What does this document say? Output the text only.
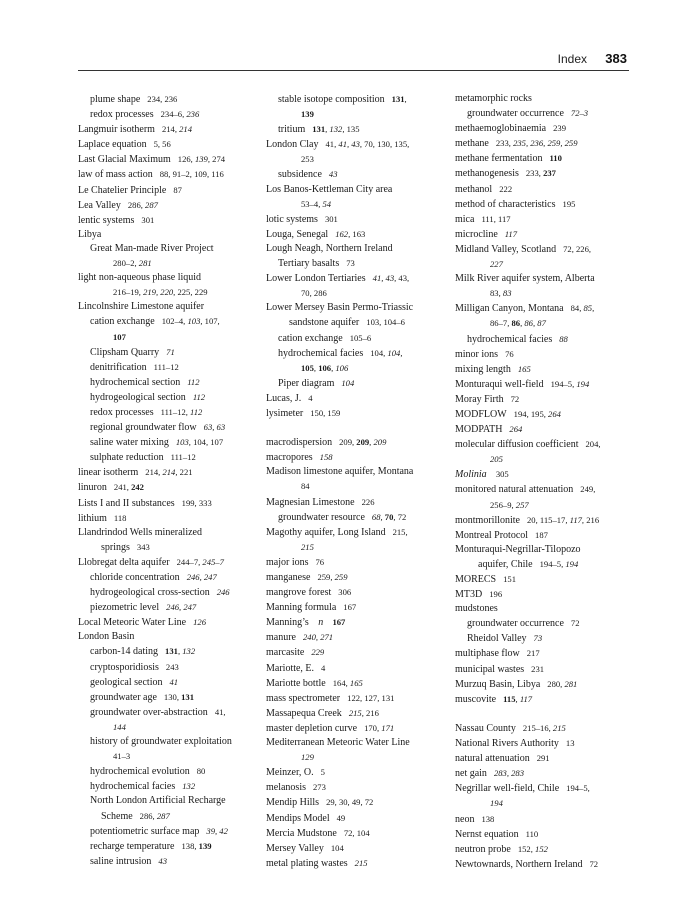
Index 383
plume shape 234, 236
redox processes 234–6, 236
Langmuir isotherm 214, 214
Laplace equation 5, 56
Last Glacial Maximum 126, 139, 274
law of mass action 88, 91–2, 109, 116
Le Chatelier Principle 87
Lea Valley 286, 287
lentic systems 301
Libya
Great Man-made River Project
280–2, 281
light non-aqueous phase liquid
216–19, 219, 220, 225, 229
Lincolnshire Limestone aquifer
cation exchange 102–4, 103, 107,
107
Clipsham Quarry 71
denitrification 111–12
hydrochemical section 112
hydrogeological section 112
redox processes 111–12, 112
regional groundwater flow 63, 63
saline water mixing 103, 104, 107
sulphate reduction 111–12
linear isotherm 214, 214, 221
linuron 241, 242
Lists I and II substances 199, 333
lithium 118
Llandrindod Wells mineralized
springs 343
Llobregat delta aquifer 244–7, 245–7
chloride concentration 246, 247
hydrogeological cross-section 246
piezometric level 246, 247
Local Meteoric Water Line 126
London Basin
carbon-14 dating 131, 132
cryptosporidiosis 243
geological section 41
groundwater age 130, 131
groundwater over-abstraction 41,
144
history of groundwater exploitation
41–3
hydrochemical evolution 80
hydrochemical facies 132
North London Artificial Recharge
Scheme 286, 287
potentiometric surface map 39, 42
recharge temperature 138, 139
saline intrusion 43
stable isotope composition 131,
139
tritium 131, 132, 135
London Clay 41, 41, 43, 70, 130, 135,
253
subsidence 43
Los Banos-Kettleman City area
53–4, 54
lotic systems 301
Louga, Senegal 162, 163
Lough Neagh, Northern Ireland
Tertiary basalts 73
Lower London Tertiaries 41, 43, 43,
70, 286
Lower Mersey Basin Permo-Triassic
sandstone aquifer 103, 104–6
cation exchange 105–6
hydrochemical facies 104, 104,
105, 106, 106
Piper diagram 104
Lucas, J. 4
lysimeter 150, 159
macrodispersion 209, 209, 209
macropores 158
Madison limestone aquifer, Montana
84
Magnesian Limestone 226
groundwater resource 68, 70, 72
Magothy aquifer, Long Island 215,
215
major ions 76
manganese 259, 259
mangrove forest 306
Manning formula 167
Manning’s n 167
manure 240, 271
marcasite 229
Mariotte, E. 4
Mariotte bottle 164, 165
mass spectrometer 122, 127, 131
Massapequa Creek 215, 216
master depletion curve 170, 171
Mediterranean Meteoric Water Line
129
Meinzer, O. 5
melanosis 273
Mendip Hills 29, 30, 49, 72
Mendips Model 49
Mercia Mudstone 72, 104
Mersey Valley 104
metal plating wastes 215
metamorphic rocks
groundwater occurrence 72–3
methaemoglobinaemia 239
methane 233, 235, 236, 259, 259
methane fermentation 110
methanogenesis 233, 237
methanol 222
method of characteristics 195
mica 111, 117
microcline 117
Midland Valley, Scotland 72, 226,
227
Milk River aquifer system, Alberta
83, 83
Milligan Canyon, Montana 84, 85,
86–7, 86, 86, 87
hydrochemical facies 88
minor ions 76
mixing length 165
Monturaqui well-field 194–5, 194
Moray Firth 72
MODFLOW 194, 195, 264
MODPATH 264
molecular diffusion coefficient 204,
205
Molinia 305
monitored natural attenuation 249,
256–9, 257
montmorillonite 20, 115–17, 117, 216
Montreal Protocol 187
Monturaqui-Negrillar-Tilopozo
aquifer, Chile 194–5, 194
MORECS 151
MT3D 196
mudstones
groundwater occurrence 72
Rheidol Valley 73
multiphase flow 217
municipal wastes 231
Murzuq Basin, Libya 280, 281
muscovite 115, 117
Nassau County 215–16, 215
National Rivers Authority 13
natural attenuation 291
net gain 283, 283
Negrillar well-field, Chile 194–5,
194
neon 138
Nernst equation 110
neutron probe 152, 152
Newtownards, Northern Ireland 72
